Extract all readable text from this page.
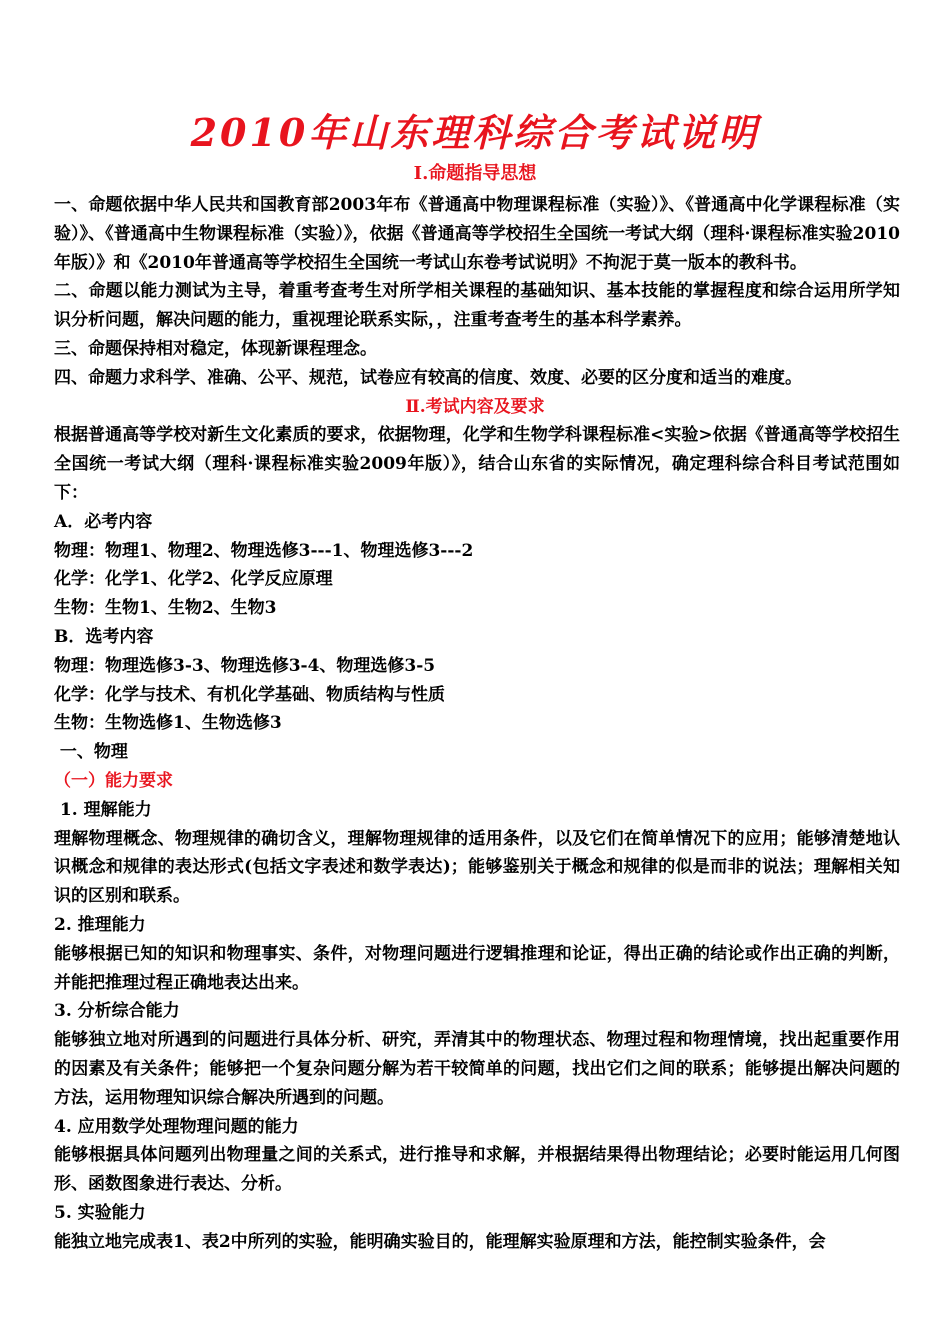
2010年山东理科综合考试说明
Ⅰ.命题指导思想
一、命题依据中华人民共和国教育部2003年布《普通高中物理课程标准（实验）》、《普通高中化学课程标准（实验）》、《普通高中生物课程标准（实验）》，依据《普通高等学校招生全国统一考试大纲（理科·课程标准实验2010年版）》和《2010年普通高等学校招生全国统一考试山东卷考试说明》不拘泥于莫一版本的教科书。
二、命题以能力测试为主导，着重考查考生对所学相关课程的基础知识、基本技能的掌握程度和综合运用所学知识分析问题，解决问题的能力，重视理论联系实际，，注重考查考生的基本科学素养。
三、命题保持相对稳定，体现新课程理念。
四、命题力求科学、准确、公平、规范，试卷应有较高的信度、效度、必要的区分度和适当的难度。
Ⅱ.考试内容及要求
根据普通高等学校对新生文化素质的要求，依据物理，化学和生物学科课程标准<实验>依据《普通高等学校招生全国统一考试大纲（理科·课程标准实验2009年版）》，结合山东省的实际情况，确定理科综合科目考试范围如下：
A．必考内容
物理：物理1、物理2、物理选修3---1、物理选修3---2
化学：化学1、化学2、化学反应原理
生物：生物1、生物2、生物3
B．选考内容
物理：物理选修3-3、物理选修3-4、物理选修3-5
化学：化学与技术、有机化学基础、物质结构与性质
生物：生物选修1、生物选修3
一、物理
（一）能力要求
1. 理解能力
理解物理概念、物理规律的确切含义，理解物理规律的适用条件，以及它们在简单情况下的应用；能够清楚地认识概念和规律的表达形式(包括文字表述和数学表达)；能够鉴别关于概念和规律的似是而非的说法；理解相关知识的区别和联系。
2. 推理能力
能够根据已知的知识和物理事实、条件，对物理问题进行逻辑推理和论证，得出正确的结论或作出正确的判断，并能把推理过程正确地表达出来。
3. 分析综合能力
能够独立地对所遇到的问题进行具体分析、研究，弄清其中的物理状态、物理过程和物理情境，找出起重要作用的因素及有关条件；能够把一个复杂问题分解为若干较简单的问题，找出它们之间的联系；能够提出解决问题的方法，运用物理知识综合解决所遇到的问题。
4. 应用数学处理物理问题的能力
能够根据具体问题列出物理量之间的关系式，进行推导和求解，并根据结果得出物理结论；必要时能运用几何图形、函数图象进行表达、分析。
5. 实验能力
能独立地完成表1、表2中所列的实验，能明确实验目的，能理解实验原理和方法，能控制实验条件，会
